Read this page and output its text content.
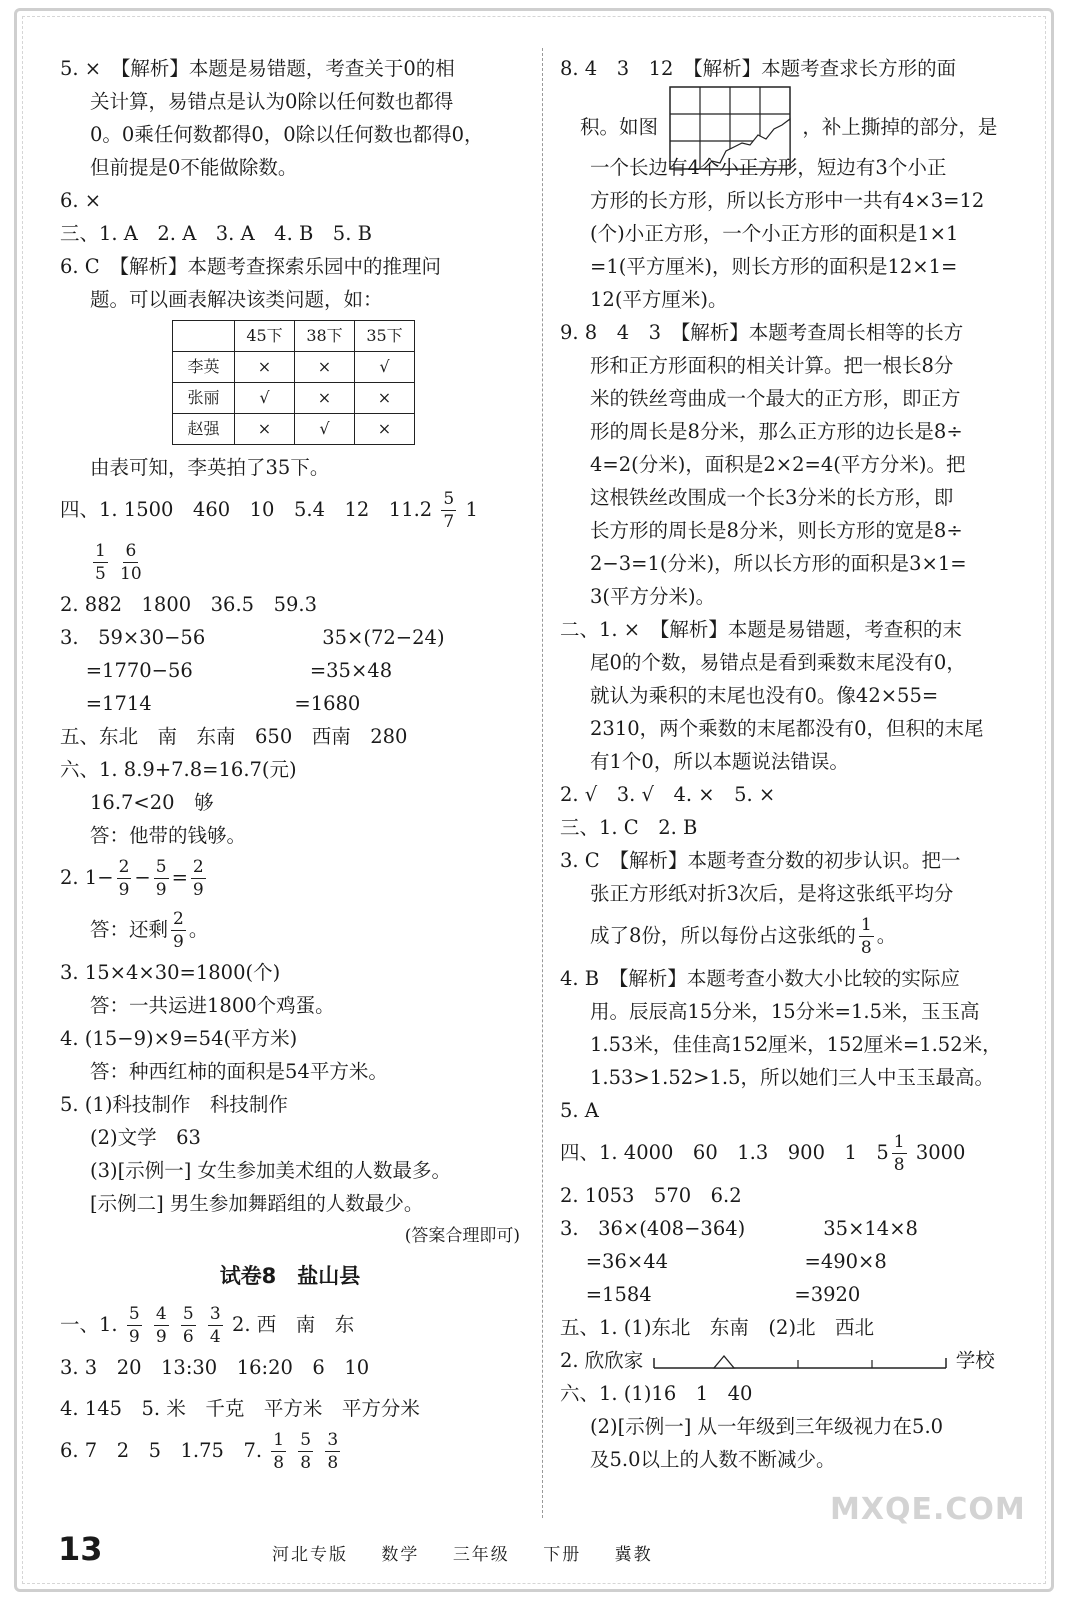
5. ×　【解析】本题是易错题，考查关于0的相
关计算，易错点是认为0除以任何数也都得
0。0乘任何数都得0，0除以任何数也都得0，
但前提是0不能做除数。
6. ×
三、1. A　2. A　3. A　4. B　5. B
6. C　【解析】本题考查探索乐园中的推理问
题。可以画表解决该类问题，如：
	45下	38下	35下
李英	×	×	√
张丽	√	×	×
赵强	×	√	×
由表可知，李英拍了35下。
四、1. 1500　460　10　5.4　12　$11.2 \frac{5}{7} 1$
$\frac{1}{5}$
$\frac{6}{10}$
2. 882　1800　36.5　59.3
3.　59×30−56　　　　　　35×(72−24)
　 =1770−56　　　　　　=35×48
　 =1714　　　　　　　 =1680
五、东北　南　东南　650　西南　280
六、1. 8.9+7.8=16.7(元)
16.7<20　够
答：他带的钱够。
2. $1- \frac{2}{9} - \frac{5}{9} = \frac{2}{9}$
答：还剩 $\frac{2}{9}$ 。
3. 15×4×30=1800(个)
答：一共运进1800个鸡蛋。
4. (15−9)×9=54(平方米)
答：种西红柿的面积是54平方米。
5. (1)科技制作　科技制作
(2)文学　63
(3)[示例一] 女生参加美术组的人数最多。
[示例二] 男生参加舞蹈组的人数最少。
(答案合理即可)
试卷8　盐山县
一、1. $\frac{5}{9}$
$\frac{4}{9}$
$\frac{5}{6}$
$\frac{3}{4} 2$. 西　南　东
3. 3　20　13:30　16:20　6　10
4. 145　5. 米　千克　平方米　平方分米
6. 7　2　5　1.75　7. $\frac{1}{8}$
$\frac{5}{8}$
$\frac{3}{8}$
8. 4　3　12　【解析】本题考查求长方形的面
积。如图	，补上撕掉的部分，是
一个长边有4个小正方形，短边有3个小正
方形的长方形，所以长方形中一共有4×3=12
(个)小正方形，一个小正方形的面积是1×1
=1(平方厘米)，则长方形的面积是12×1=
12(平方厘米)。
9. 8　4　3　【解析】本题考查周长相等的长方
形和正方形面积的相关计算。把一根长8分
米的铁丝弯曲成一个最大的正方形，即正方
形的周长是8分米，那么正方形的边长是8÷
4=2(分米)，面积是2×2=4(平方分米)。把
这根铁丝改围成一个长3分米的长方形，即
长方形的周长是8分米，则长方形的宽是8÷
2−3=1(分米)，所以长方形的面积是3×1=
3(平方分米)。
二、1. ×　【解析】本题是易错题，考查积的末
尾0的个数，易错点是看到乘数末尾没有0，
就认为乘积的末尾也没有0。像42×55=
2310，两个乘数的末尾都没有0，但积的末尾
有1个0，所以本题说法错误。
2. √　3. √　4. ×　5. ×
三、1. C　2. B
3. C　【解析】本题考查分数的初步认识。把一
张正方形纸对折3次后，是将这张纸平均分
成了8份，所以每份占这张纸的 $\frac{1}{8}$ 。
4. B　【解析】本题考查小数大小比较的实际应
用。辰辰高15分米，15分米=1.5米，玉玉高
1.53米，佳佳高152厘米，152厘米=1.52米，
1.53>1.52>1.5，所以她们三人中玉玉最高。
5. A
四、1. 4000　60　1.3　900　1　$5 \frac{1}{8} 3000$
2. 1053　570　6.2
3.　36×(408−364)　　　　35×14×8
　 =36×44　　　　　　　=490×8
　 =1584　　　　　　　 =3920
五、1. (1)东北　东南　(2)北　西北
2. 欣欣家	学校
六、1. (1)16　1　40
(2)[示例一] 从一年级到三年级视力在5.0
及5.0以上的人数不断减少。
MXQE.COM
13	河北专版 数学 三年级 下册 冀教
